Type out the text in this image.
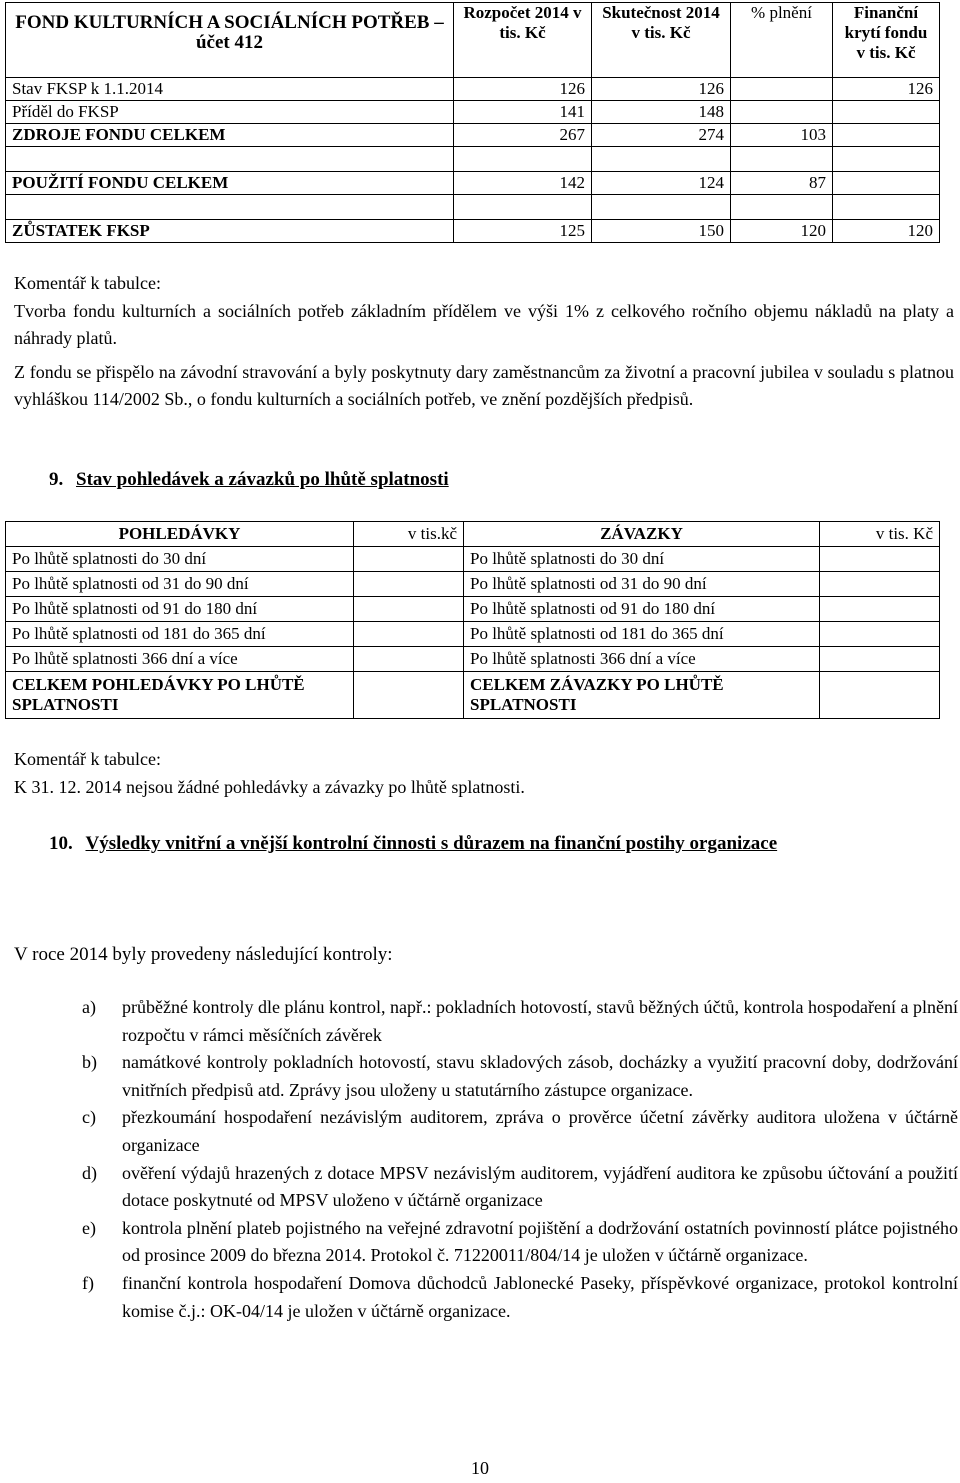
FOND KULTURNÍCH A SOCIÁLNÍCH POTŘEB – účet 412	Rozpočet 2014 v tis. Kč	Skutečnost 2014 v tis. Kč	% plnění	Finanční krytí fondu v tis. Kč
Stav FKSP k 1.1.2014	126	126		126
Příděl do FKSP	141	148		
ZDROJE FONDU CELKEM	267	274	103	

POUŽITÍ FONDU CELKEM	142	124	87	

ZŮSTATEK FKSP	125	150	120	120

Komentář k tabulce:

Tvorba fondu kulturních a sociálních potřeb základním přídělem ve výši 1% z celkového ročního objemu nákladů na platy a náhrady platů.

Z fondu se přispělo na závodní stravování a byly poskytnuty dary zaměstnancům za životní a pracovní jubilea v souladu s platnou vyhláškou 114/2002 Sb., o fondu kulturních a sociálních potřeb, ve znění pozdějších předpisů.

9. Stav pohledávek a závazků po lhůtě splatnosti
POHLEDÁVKY	v tis.kč	ZÁVAZKY	v tis. Kč
Po lhůtě splatnosti do 30 dní		Po lhůtě splatnosti do 30 dní	
Po lhůtě splatnosti od 31 do 90 dní		Po lhůtě splatnosti od 31 do 90 dní	
Po lhůtě splatnosti od 91 do 180 dní		Po lhůtě splatnosti od 91 do 180 dní	
Po lhůtě splatnosti od 181 do 365 dní		Po lhůtě splatnosti od 181 do 365 dní	
Po lhůtě splatnosti 366 dní a více		Po lhůtě splatnosti 366 dní a více	
CELKEM POHLEDÁVKY PO LHŮTĚ SPLATNOSTI		CELKEM ZÁVAZKY PO LHŮTĚ SPLATNOSTI	

Komentář k tabulce:

K 31. 12. 2014 nejsou žádné pohledávky a závazky po lhůtě splatnosti.

10. Výsledky vnitřní a vnější kontrolní činnosti s důrazem na finanční postihy organizace

V roce 2014 byly provedeny následující kontroly:

a) průběžné kontroly dle plánu kontrol, např.: pokladních hotovostí, stavů běžných účtů, kontrola hospodaření a plnění rozpočtu v rámci měsíčních závěrek
b) namátkové kontroly pokladních hotovostí, stavu skladových zásob, docházky a využití pracovní doby, dodržování vnitřních předpisů atd. Zprávy jsou uloženy u statutárního zástupce organizace.
c) přezkoumání hospodaření nezávislým auditorem, zpráva o prověrce účetní závěrky auditora uložena v účtárně organizace
d) ověření výdajů hrazených z dotace MPSV nezávislým auditorem, vyjádření auditora ke způsobu účtování a použití dotace poskytnuté od MPSV uloženo v účtárně organizace
e) kontrola plnění plateb pojistného na veřejné zdravotní pojištění a dodržování ostatních povinností plátce pojistného od prosince 2009 do března 2014. Protokol č. 71220011/804/14 je uložen v účtárně organizace.
f) finanční kontrola hospodaření Domova důchodců Jablonecké Paseky, příspěvkové organizace, protokol kontrolní komise č.j.: OK-04/14 je uložen v účtárně organizace.
10
